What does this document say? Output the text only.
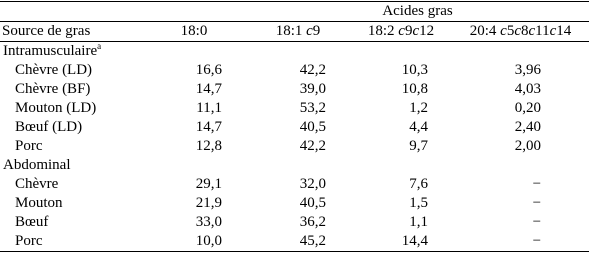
	Acides gras			
Source de gras	18:0	18:1 c9	18:2 c9c12	20:4 c5c8c11c14
Intramusculaire$^a$
Chèvre (LD)	16,6	42,2	10,3	3,96
Chèvre (BF)	14,7	39,0	10,8	4,03
Mouton (LD)	11,1	53,2	1,2	0,20
Bœuf (LD)	14,7	40,5	4,4	2,40
Porc	12,8	42,2	9,7	2,00
Abdominal				
Chèvre	29,1	32,0	7,6	−
Mouton	21,9	40,5	1,5	−
Bœuf	33,0	36,2	1,1	−
Porc	10,0	45,2	14,4	−
